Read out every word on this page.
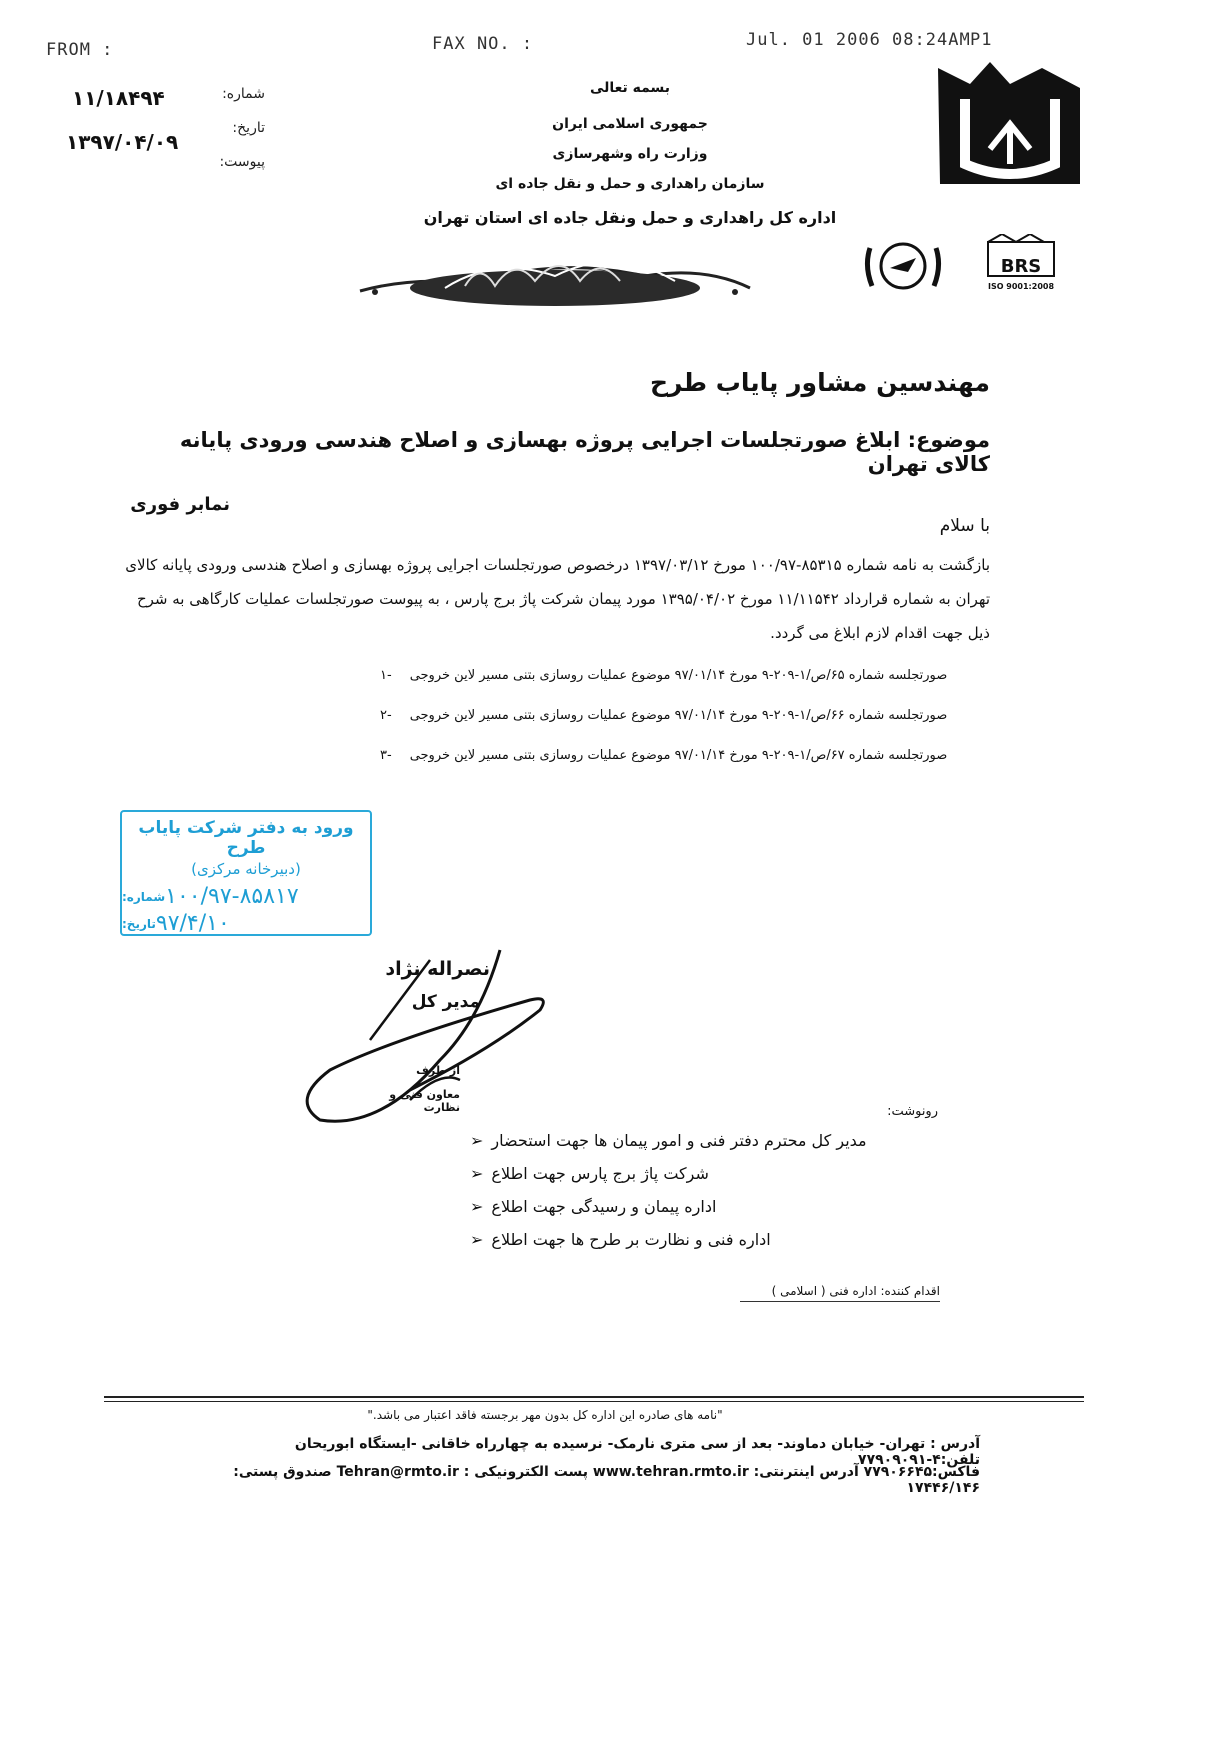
FROM :	FAX NO. :	Jul. 01 2006 08:24AM P1
شماره:
۱۱/۱۸۴۹۴
تاریخ:
۱۳۹۷/۰۴/۰۹
پیوست:
بسمه تعالی
جمهوری اسلامی ایران
وزارت راه وشهرسازی
سازمان راهداری و حمل و نقل جاده ای
اداره کل راهداری و حمل ونقل جاده ای استان تهران
BRS
ISO 9001:2008
مهندسین مشاور پایاب طرح
موضوع: ابلاغ صورتجلسات اجرایی پروژه بهسازی و اصلاح هندسی ورودی پایانه کالای تهران
نمابر فوری
با سلام
بازگشت به نامه شماره ۸۵۳۱۵-۱۰۰/۹۷ مورخ ۱۳۹۷/۰۳/۱۲ درخصوص صورتجلسات اجرایی پروژه بهسازی و اصلاح هندسی ورودی پایانه کالای
تهران به شماره قرارداد ۱۱/۱۱۵۴۲ مورخ ۱۳۹۵/۰۴/۰۲ مورد پیمان شرکت پاژ برج پارس ، به پیوست صورتجلسات عملیات کارگاهی به شرح
ذیل جهت اقدام لازم ابلاغ می گردد.
-۱ صورتجلسه شماره ۶۵/ص/۱-۲۰۹-۹ مورخ ۹۷/۰۱/۱۴ موضوع عملیات روسازی بتنی مسیر لاین خروجی
-۲ صورتجلسه شماره ۶۶/ص/۱-۲۰۹-۹ مورخ ۹۷/۰۱/۱۴ موضوع عملیات روسازی بتنی مسیر لاین خروجی
-۳ صورتجلسه شماره ۶۷/ص/۱-۲۰۹-۹ مورخ ۹۷/۰۱/۱۴ موضوع عملیات روسازی بتنی مسیر لاین خروجی
ورود به دفتر شرکت پایاب طرح
(دبیرخانه مرکزی)
شماره: ۱۰۰/۹۷-۸۵۸۱۷
تاریخ: ۹۷/۴/۱۰
نصراله نژاد
مدیر کل
از طرف
معاون فنی و نظارت	رونوشت:
➢ مدیر کل محترم دفتر فنی و امور پیمان ها جهت استحضار
➢ شرکت پاژ برج پارس جهت اطلاع
➢ اداره پیمان و رسیدگی جهت اطلاع
➢ اداره فنی و نظارت بر طرح ها جهت اطلاع
اقدام کننده: اداره فنی ( اسلامی )
"نامه های صادره این اداره کل بدون مهر برجسته فاقد اعتبار می باشد."
آدرس : تهران- خیابان دماوند- بعد از سی متری نارمک- نرسیده به چهارراه خاقانی -ایستگاه ابوریحان تلفن:۴-۷۷۹۰۹۰۹۱
فاکس:۷۷۹۰۶۶۴۵ آدرس اینترنتی: www.tehran.rmto.ir پست الکترونیکی : Tehran@rmto.ir صندوق پستی: ۱۷۴۴۶/۱۴۶
